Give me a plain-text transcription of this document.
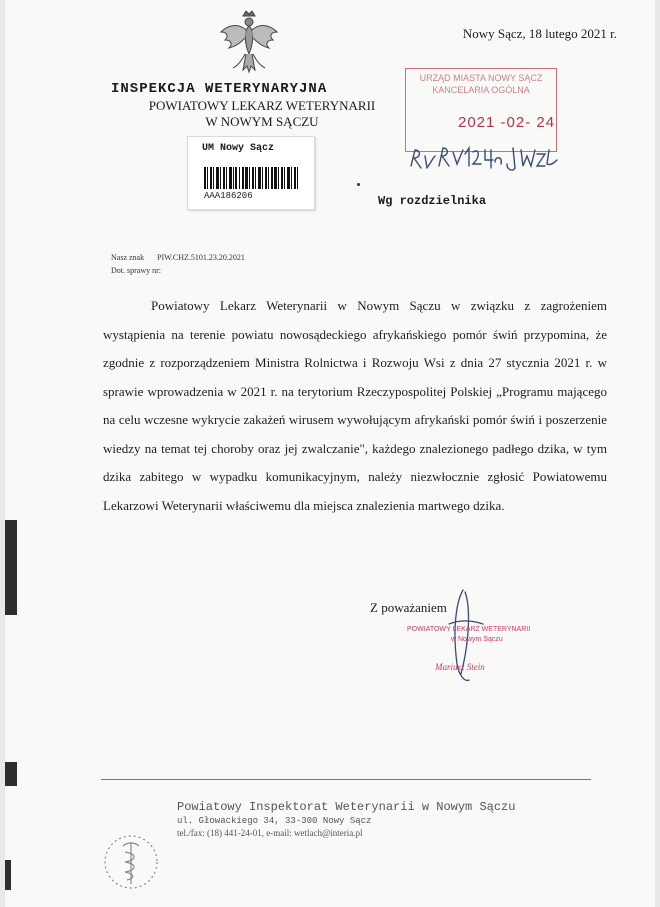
INSPEKCJA WETERYNARYJNA
POWIATOWY LEKARZ WETERYNARII
W NOWYM SĄCZU
Nowy Sącz, 18 lutego 2021 r.
UM Nowy Sącz
AAA186206
URZĄD MIASTA NOWY SĄCZ
KANCELARIA OGÓLNA
2021 -02- 24
Wg rozdzielnika
Nasz znak PIW.CHZ.5101.23.20.2021
Dot. sprawy nr:

Powiatowy Lekarz Weterynarii w Nowym Sączu w związku z zagrożeniem wystąpienia na terenie powiatu nowosądeckiego afrykańskiego pomór świń przypomina, że zgodnie z rozporządzeniem Ministra Rolnictwa i Rozwoju Wsi z dnia 27 stycznia 2021 r. w sprawie wprowadzenia w 2021 r. na terytorium Rzeczypospolitej Polskiej „Programu mającego na celu wczesne wykrycie zakażeń wirusem wywołującym afrykański pomór świń i poszerzenie wiedzy na temat tej choroby oraz jej zwalczanie", każdego znalezionego padłego dzika, w tym dzika zabitego w wypadku komunikacyjnym, należy niezwłocznie zgłosić Powiatowemu Lekarzowi Weterynarii właściwemu dla miejsca znalezienia martwego dzika.

Z poważaniem
POWIATOWY LEKARZ WETERYNARII
w Nowym Sączu
Mariusz Stein
Powiatowy Inspektorat Weterynarii w Nowym Sączu
ul. Głowackiego 34, 33-300 Nowy Sącz
tel./fax: (18) 441-24-01, e-mail: wetlach@interia.pl
